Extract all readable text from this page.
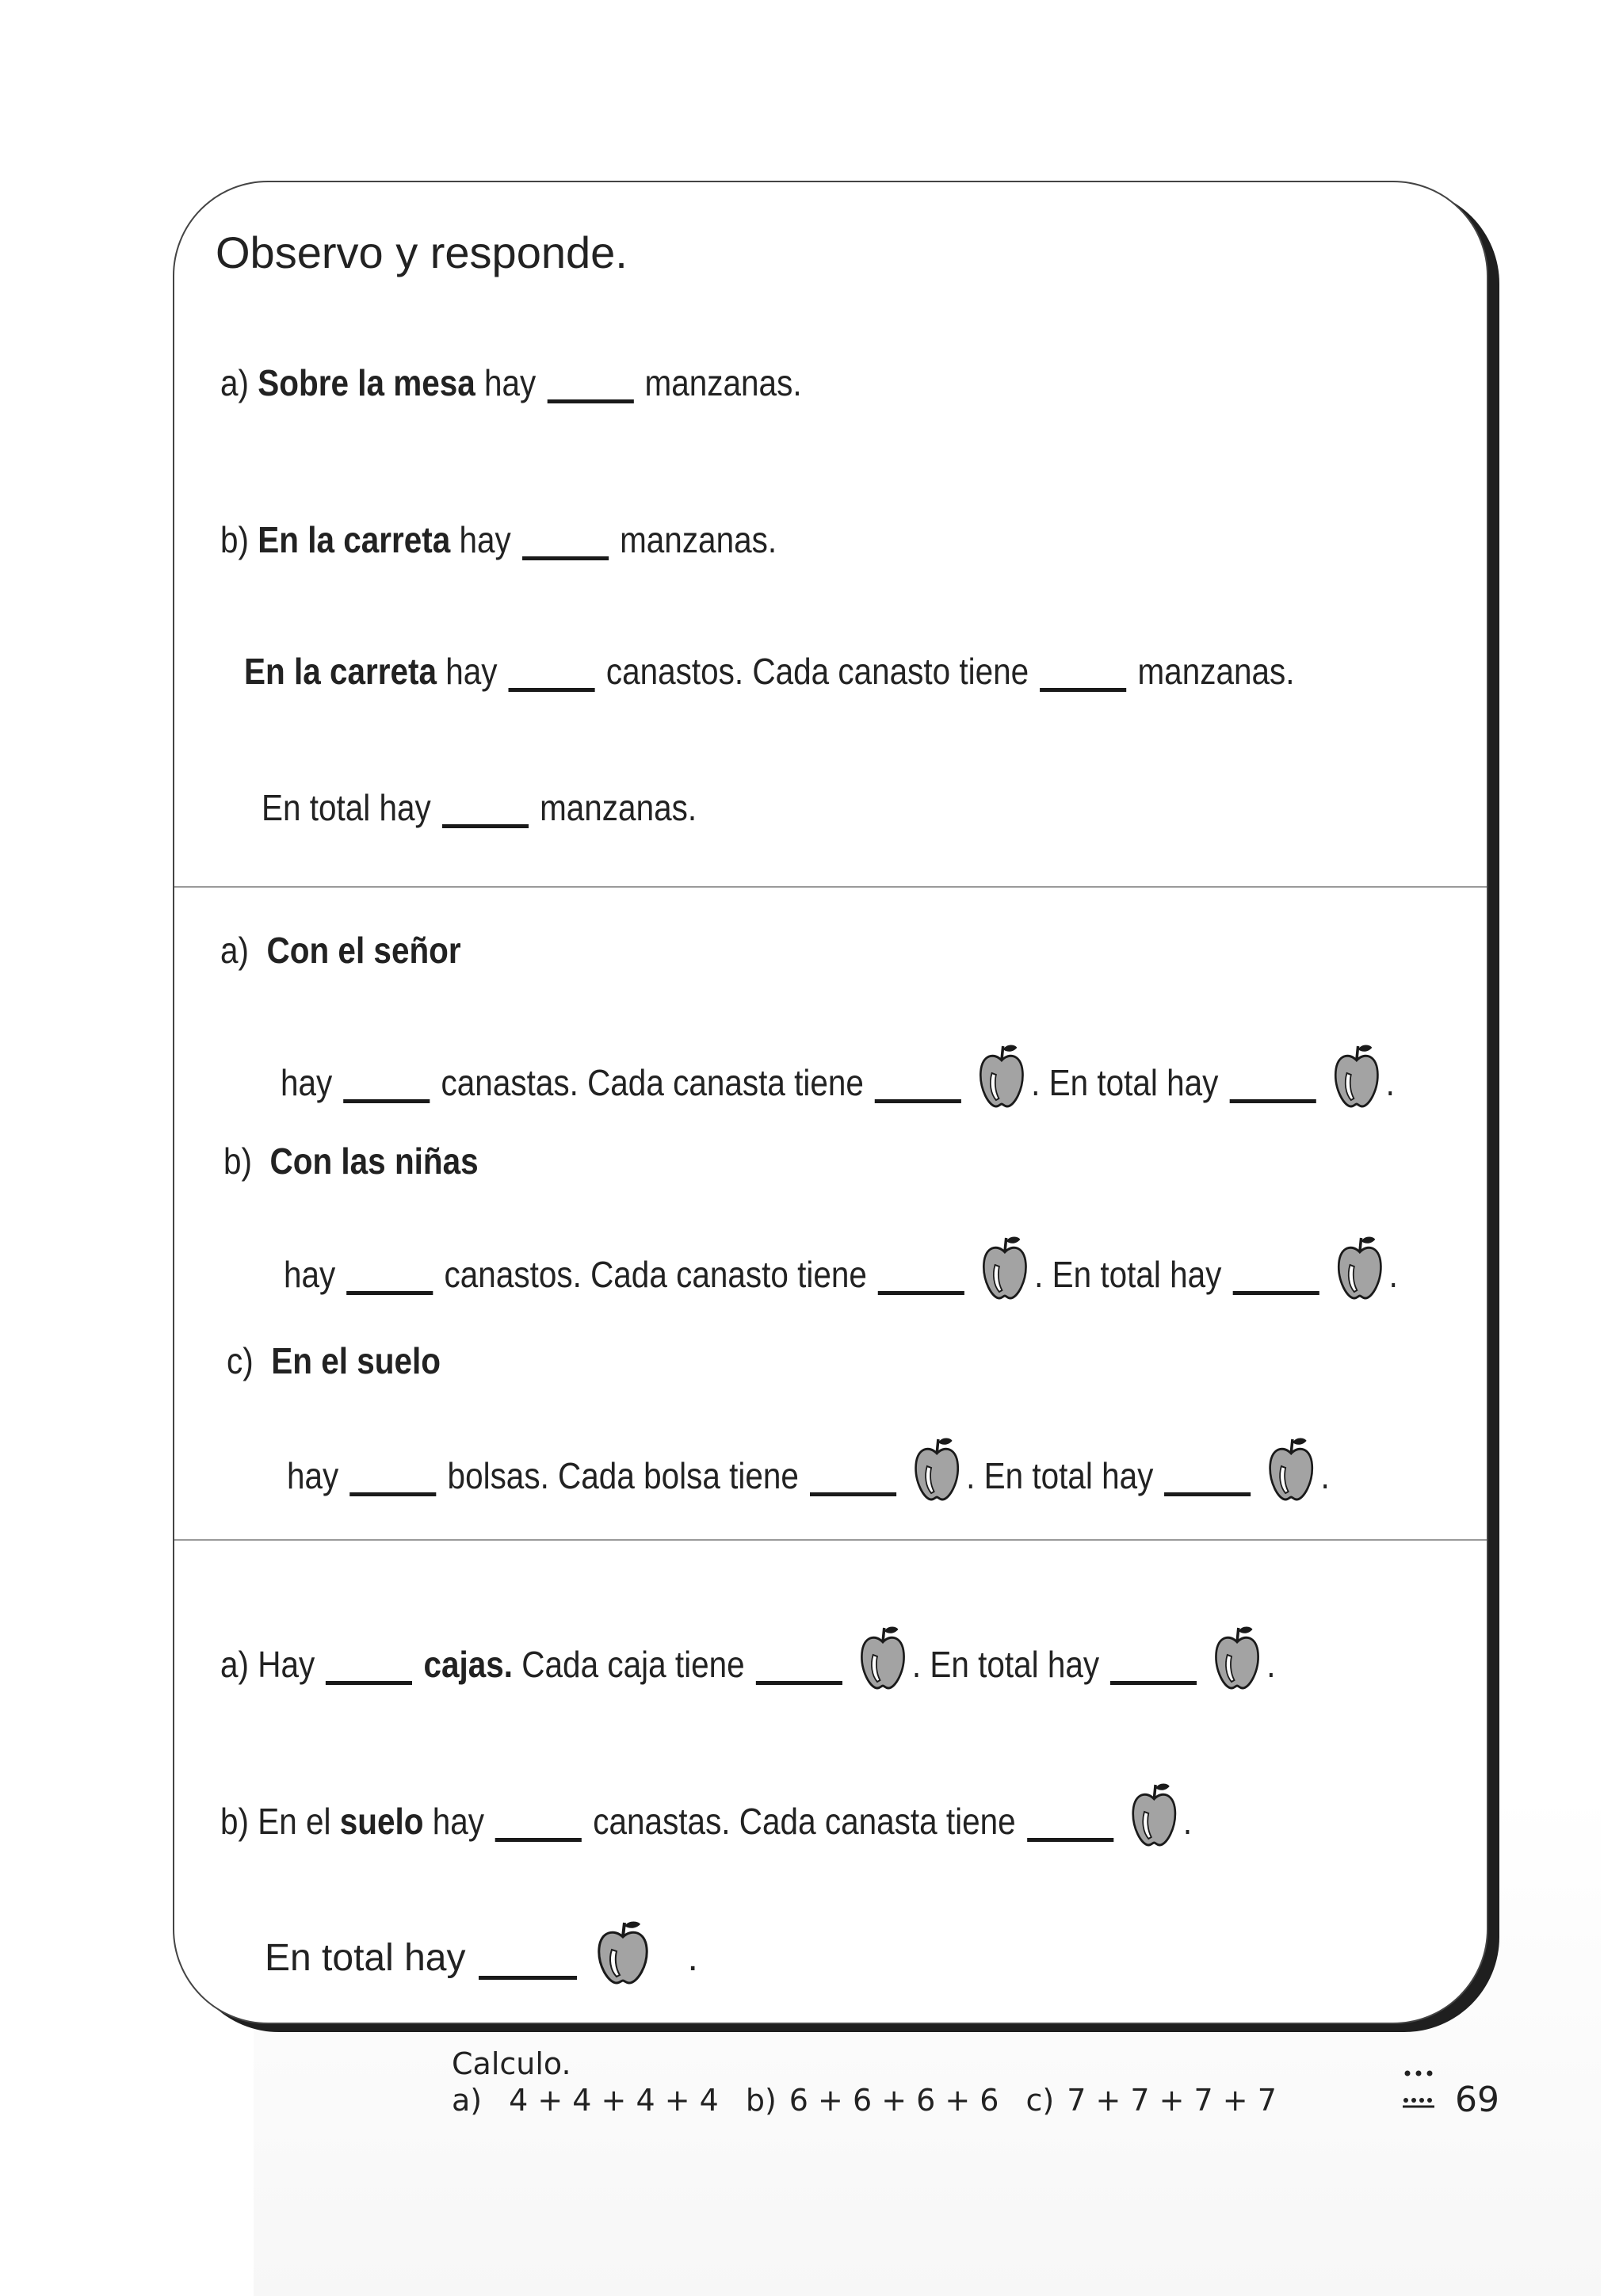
Observo y responde.
a)
Sobre la mesa
hay	manzanas.
b)
En la carreta
hay	manzanas.
En la carreta
hay	canastos. Cada canasto tiene	manzanas.
En total hay	manzanas.
a)
Con el señor
hay	canastas. Cada canasta tiene	. En total hay	.
b)
Con las niñas
hay	canastos. Cada canasto tiene	. En total hay	.
c)
En el suelo
hay	bolsas. Cada bolsa tiene	. En total hay	.
a) Hay	cajas.
Cada caja tiene	. En total hay	.
b) En el
suelo
hay	canastas. Cada canasta tiene	.
En total hay	.
Calculo.
a) 4 + 4 + 4 + 4 b) 6 + 6 + 6 + 6 c) 7 + 7 + 7 + 7	69
